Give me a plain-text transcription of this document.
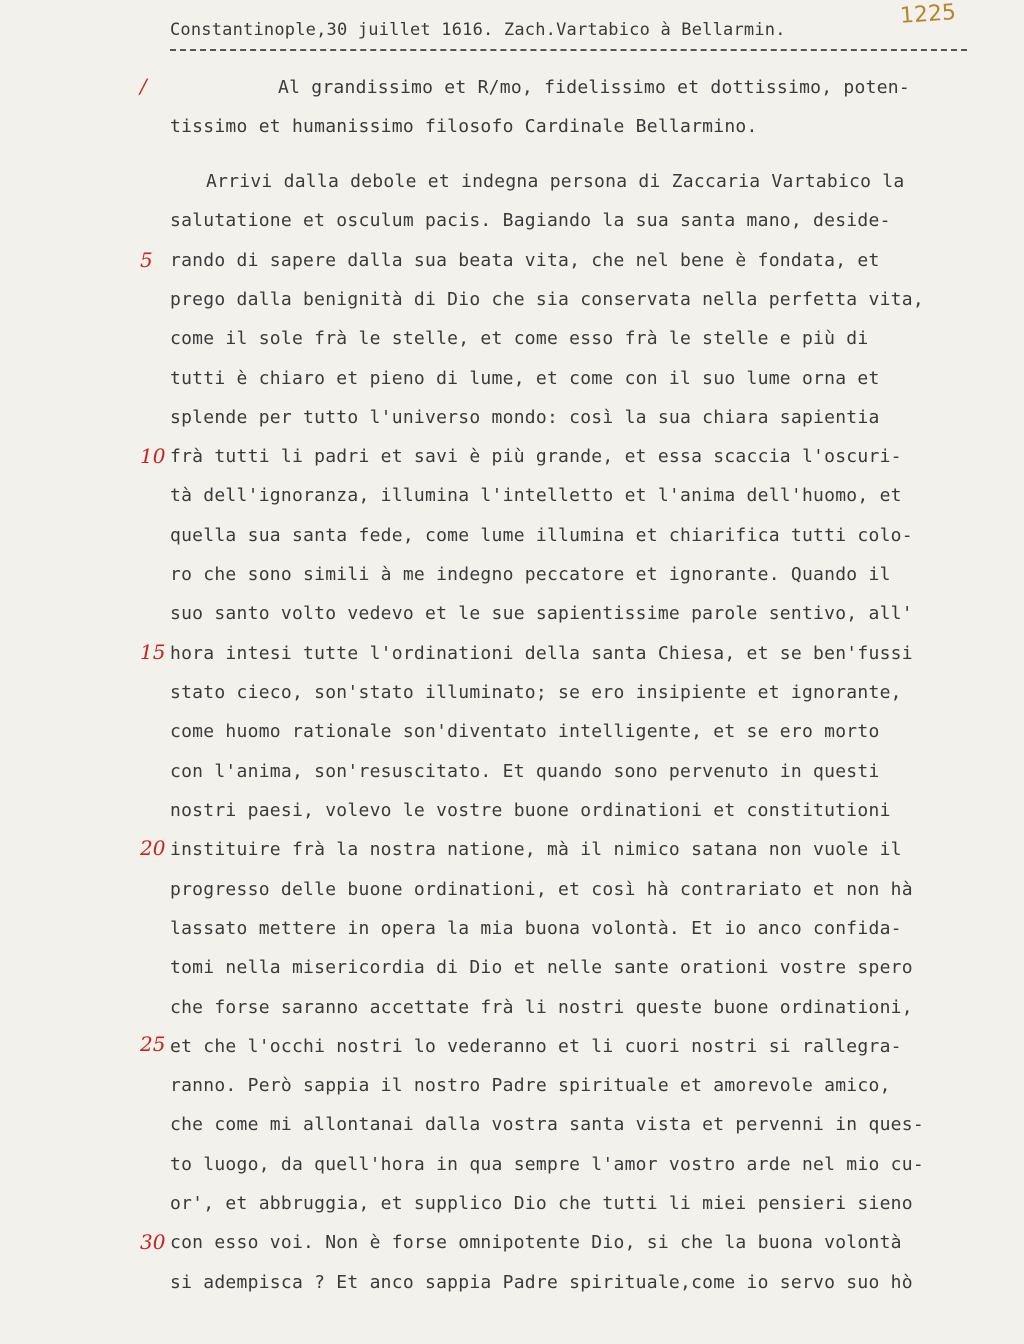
Constantinople,30 juillet 1616. Zach.Vartabico à Bellarmin.
1225
/
5
10
15
20
25
30
Al grandissimo et R/mo, fidelissimo et dottissimo, poten-
tissimo et humanissimo filosofo Cardinale Bellarmino.
Arrivi dalla debole et indegna persona di Zaccaria Vartabico la
salutatione et osculum pacis. Bagiando la sua santa mano, deside-
rando di sapere dalla sua beata vita, che nel bene è fondata, et
prego dalla benignità di Dio che sia conservata nella perfetta vita,
come il sole frà le stelle, et come esso frà le stelle e più di
tutti è chiaro et pieno di lume, et come con il suo lume orna et
splende per tutto l'universo mondo: così la sua chiara sapientia
frà tutti li padri et savi è più grande, et essa scaccia l'oscuri-
tà dell'ignoranza, illumina l'intelletto et l'anima dell'huomo, et
quella sua santa fede, come lume illumina et chiarifica tutti colo-
ro che sono simili à me indegno peccatore et ignorante. Quando il
suo santo volto vedevo et le sue sapientissime parole sentivo, all'
hora intesi tutte l'ordinationi della santa Chiesa, et se ben'fussi
stato cieco, son'stato illuminato; se ero insipiente et ignorante,
come huomo rationale son'diventato intelligente, et se ero morto
con l'anima, son'resuscitato. Et quando sono pervenuto in questi
nostri paesi, volevo le vostre buone ordinationi et constitutioni
instituire frà la nostra natione, mà il nimico satana non vuole il
progresso delle buone ordinationi, et così hà contrariato et non hà
lassato mettere in opera la mia buona volontà. Et io anco confida-
tomi nella misericordia di Dio et nelle sante orationi vostre spero
che forse saranno accettate frà li nostri queste buone ordinationi,
et che l'occhi nostri lo vederanno et li cuori nostri si rallegra-
ranno. Però sappia il nostro Padre spirituale et amorevole amico,
che come mi allontanai dalla vostra santa vista et pervenni in ques-
to luogo, da quell'hora in qua sempre l'amor vostro arde nel mio cu-
or', et abbruggia, et supplico Dio che tutti li miei pensieri sieno
con esso voi. Non è forse omnipotente Dio, si che la buona volontà
si adempisca ? Et anco sappia Padre spirituale,come io servo suo hò
